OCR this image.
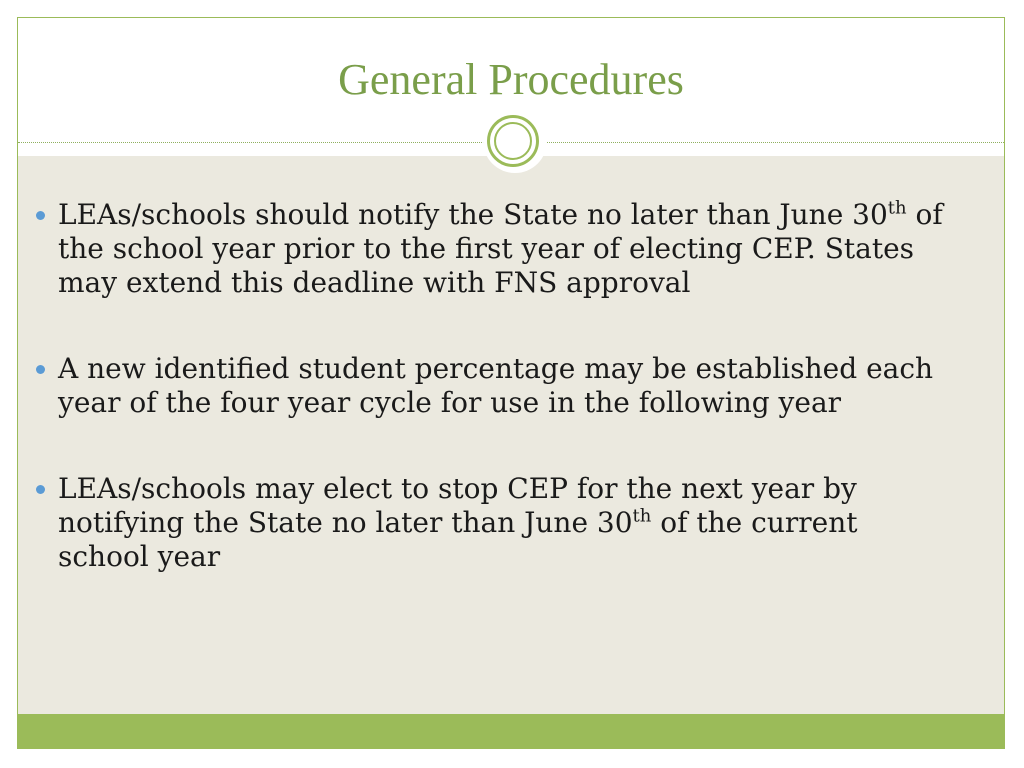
General Procedures
LEAs/schools should notify the State no later than June 30th of the school year prior to the first year of electing CEP. States may extend this deadline with FNS approval
A new identified student percentage may be established each year of the four year cycle for use in the following year
LEAs/schools may elect to stop CEP for the next year by notifying the State no later than June 30th of the current school year
